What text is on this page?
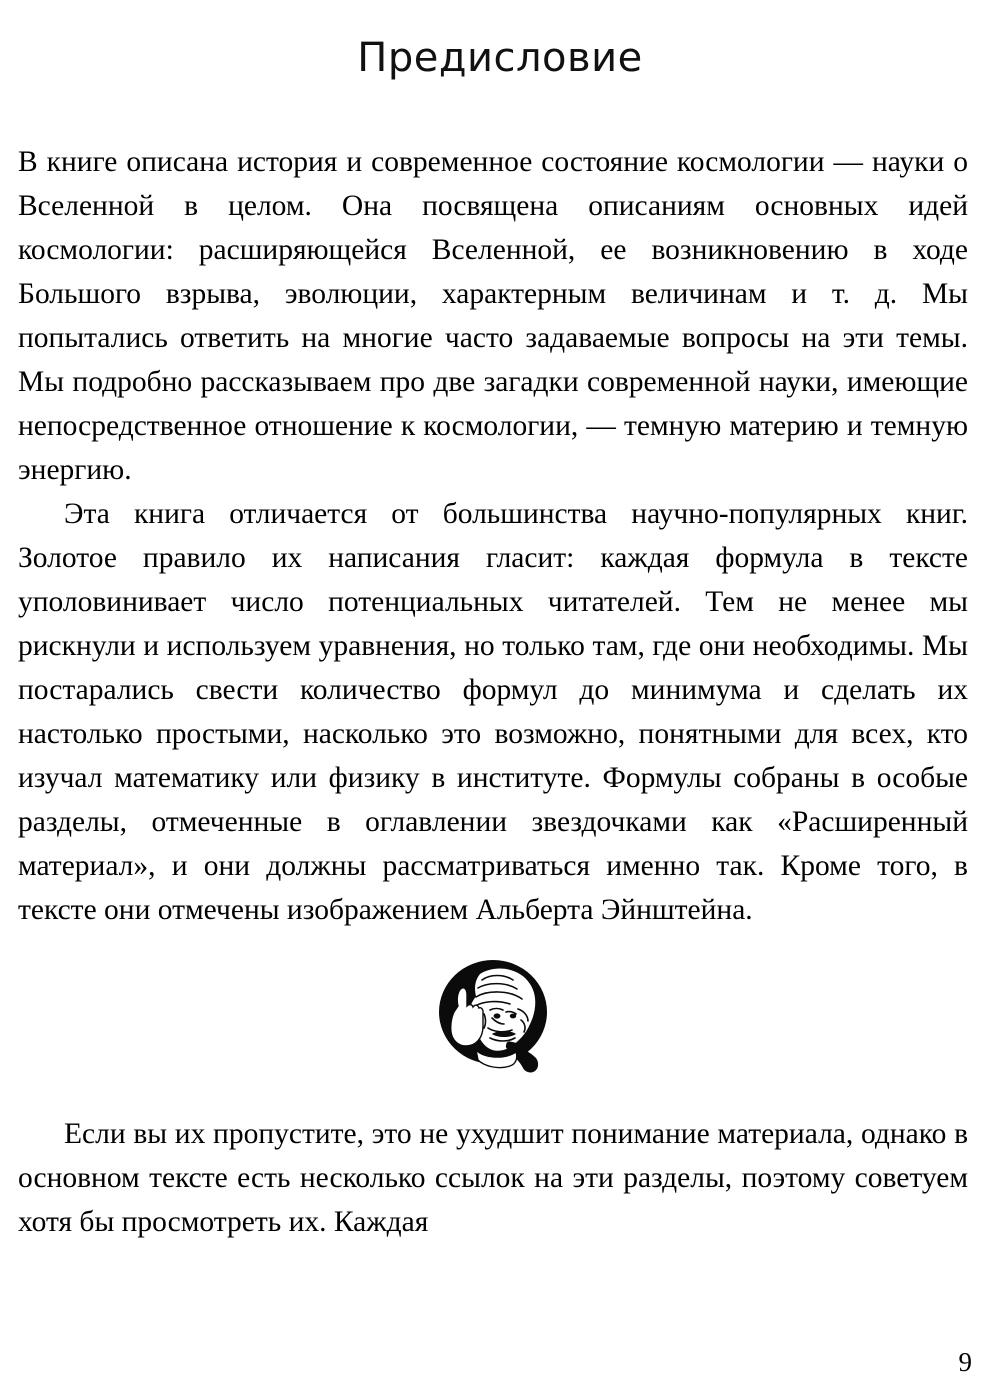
Предисловие

В книге описана история и современное состояние космологии — науки о Вселенной в целом. Она посвящена описаниям основных идей космологии: расширяющейся Вселенной, ее возникновению в ходе Большого взрыва, эволюции, характерным величинам и т. д. Мы попытались ответить на многие часто задаваемые вопросы на эти темы. Мы подробно рассказываем про две загадки современной науки, имеющие непосредственное отношение к космологии, — темную материю и темную энергию.

Эта книга отличается от большинства научно-популярных книг. Золотое правило их написания гласит: каждая формула в тексте уполовинивает число потенциальных читателей. Тем не менее мы рискнули и используем уравнения, но только там, где они необходимы. Мы постарались свести количество формул до минимума и сделать их настолько простыми, насколько это возможно, понятными для всех, кто изучал математику или физику в институте. Формулы собраны в особые разделы, отмеченные в оглавлении звездочками как «Расширенный материал», и они должны рассматриваться именно так. Кроме того, в тексте они отмечены изображением Альберта Эйнштейна.

Если вы их пропустите, это не ухудшит понимание материала, однако в основном тексте есть несколько ссылок на эти разделы, поэтому советуем хотя бы просмотреть их. Каждая

9
